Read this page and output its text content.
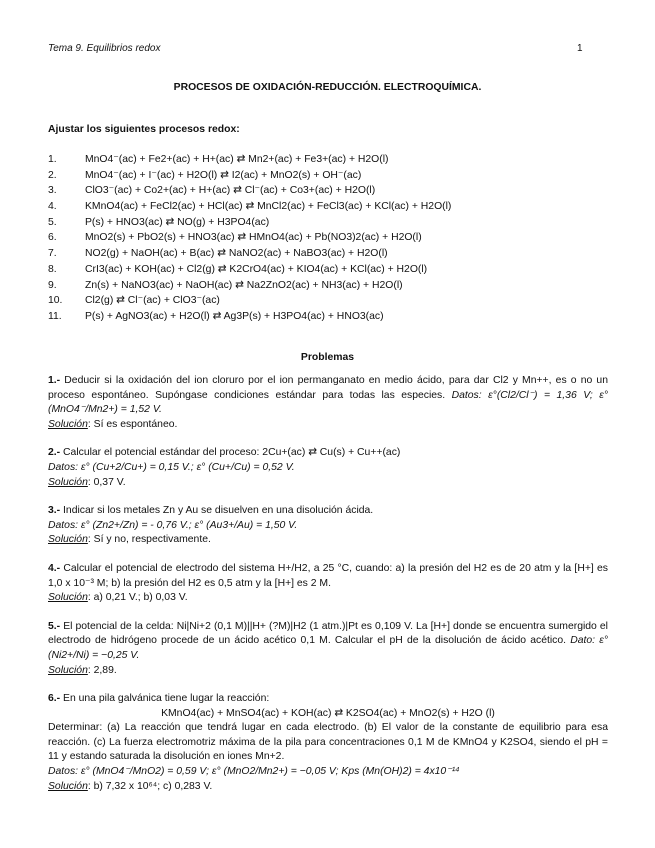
Tema 9. Equilibrios redox	1
PROCESOS DE OXIDACIÓN-REDUCCIÓN. ELECTROQUÍMICA.
Ajustar los siguientes procesos redox:
1.	MnO4⁻(ac) + Fe2+(ac) + H+(ac) ⇄ Mn2+(ac) + Fe3+(ac) + H2O(l)
2.	MnO4⁻(ac) + I⁻(ac) + H2O(l) ⇄ I2(ac) + MnO2(s) + OH⁻(ac)
3.	ClO3⁻(ac) + Co2+(ac) + H+(ac) ⇄ Cl⁻(ac) + Co3+(ac) + H2O(l)
4.	KMnO4(ac) + FeCl2(ac) + HCl(ac) ⇄ MnCl2(ac) + FeCl3(ac) + KCl(ac) + H2O(l)
5.	P(s) + HNO3(ac) ⇄ NO(g) + H3PO4(ac)
6.	MnO2(s) + PbO2(s) + HNO3(ac) ⇄ HMnO4(ac) + Pb(NO3)2(ac) + H2O(l)
7.	NO2(g) + NaOH(ac) + B(ac) ⇄ NaNO2(ac) + NaBO3(ac) + H2O(l)
8.	CrI3(ac) + KOH(ac) + Cl2(g) ⇄ K2CrO4(ac) + KIO4(ac) + KCl(ac) + H2O(l)
9.	Zn(s) + NaNO3(ac) + NaOH(ac) ⇄ Na2ZnO2(ac) + NH3(ac) + H2O(l)
10. Cl2(g) ⇄ Cl⁻(ac) + ClO3⁻(ac)
11. P(s) + AgNO3(ac) + H2O(l) ⇄ Ag3P(s) + H3PO4(ac) + HNO3(ac)
Problemas
1.- Deducir si la oxidación del ion cloruro por el ion permanganato en medio ácido, para dar Cl2 y Mn++, es o no un proceso espontáneo. Supóngase condiciones estándar para todas las especies. Datos: ε°(Cl2/Cl⁻) = 1,36 V; ε°(MnO4⁻/Mn2+) = 1,52 V.
Solución: Sí es espontáneo.
2.- Calcular el potencial estándar del proceso: 2Cu+(ac) ⇄ Cu(s) + Cu++(ac)
Datos: ε° (Cu+2/Cu+) = 0,15 V.; ε° (Cu+/Cu) = 0,52 V.
Solución: 0,37 V.
3.- Indicar si los metales Zn y Au se disuelven en una disolución ácida.
Datos: ε° (Zn2+/Zn) = - 0,76 V.; ε° (Au3+/Au) = 1,50 V.
Solución: Sí y no, respectivamente.
4.- Calcular el potencial de electrodo del sistema H+/H2, a 25 °C, cuando: a) la presión del H2 es de 20 atm y la [H+] es 1,0 x 10⁻³ M; b) la presión del H2 es 0,5 atm y la [H+] es 2 M.
Solución: a) 0,21 V.; b) 0,03 V.
5.- El potencial de la celda: Ni|Ni+2 (0,1 M)||H+ (?M)|H2 (1 atm.)|Pt es 0,109 V. La [H+] donde se encuentra sumergido el electrodo de hidrógeno procede de un ácido acético 0,1 M. Calcular el pH de la disolución de ácido acético. Dato: ε° (Ni2+/Ni) = −0,25 V.
Solución: 2,89.
6.- En una pila galvánica tiene lugar la reacción:
KMnO4(ac) + MnSO4(ac) + KOH(ac) ⇄ K2SO4(ac) + MnO2(s) + H2O (l)
Determinar: (a) La reacción que tendrá lugar en cada electrodo. (b) El valor de la constante de equilibrio para esa reacción. (c) La fuerza electromotriz máxima de la pila para concentraciones 0,1 M de KMnO4 y K2SO4, siendo el pH = 11 y estando saturada la disolución en iones Mn+2.
Datos: ε° (MnO4⁻/MnO2) = 0,59 V; ε° (MnO2/Mn2+) = −0,05 V; Kps (Mn(OH)2) = 4x10⁻¹⁴
Solución: b) 7,32 x 10⁶⁴; c) 0,283 V.
